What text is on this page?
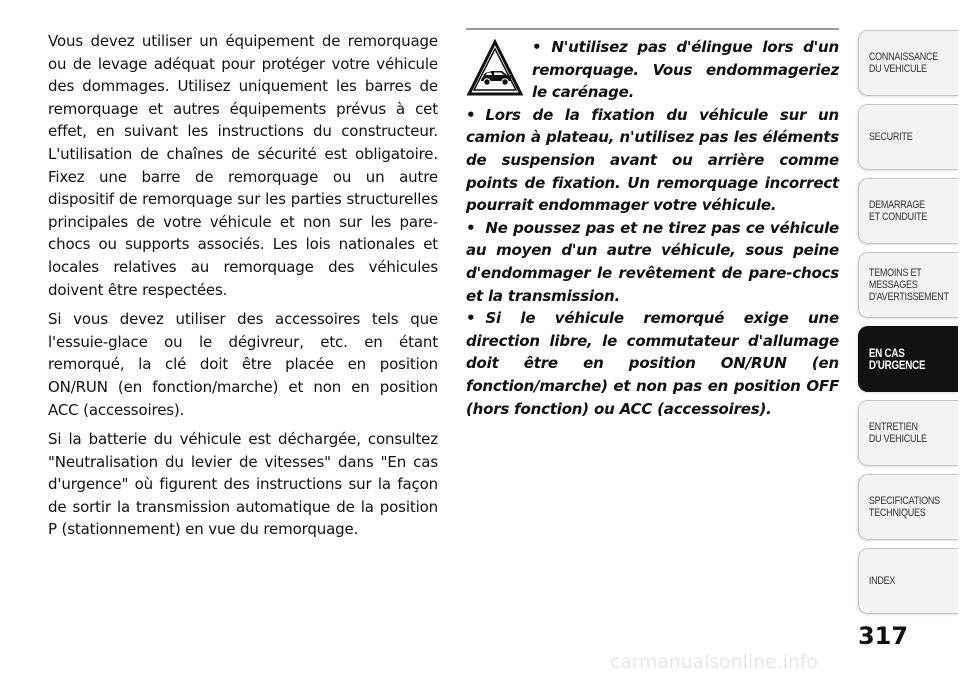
Vous devez utiliser un équipement de remorquage ou de levage adéquat pour protéger votre véhicule des dommages. Utilisez uniquement les barres de remorquage et autres équipements prévus à cet effet, en suivant les instructions du constructeur. L'utilisation de chaînes de sécurité est obligatoire. Fixez une barre de remorquage ou un autre dispositif de remorquage sur les parties structurelles principales de votre véhicule et non sur les pare-chocs ou supports associés. Les lois nationales et locales relatives au remorquage des véhicules doivent être respectées.

Si vous devez utiliser des accessoires tels que l'essuie-glace ou le dégivreur, etc. en étant remorqué, la clé doit être placée en position ON/RUN (en fonction/marche) et non en position ACC (accessoires).

Si la batterie du véhicule est déchargée, consultez "Neutralisation du levier de vitesses" dans "En cas d'urgence" où figurent des instructions sur la façon de sortir la transmission automatique de la position P (stationnement) en vue du remorquage.

• N'utilisez pas d'élingue lors d'un remorquage. Vous endommageriez le carénage.

• Lors de la fixation du véhicule sur un camion à plateau, n'utilisez pas les éléments de suspension avant ou arrière comme points de fixation. Un remorquage incorrect pourrait endommager votre véhicule.

• Ne poussez pas et ne tirez pas ce véhicule au moyen d'un autre véhicule, sous peine d'endommager le revêtement de pare-chocs et la transmission.

• Si le véhicule remorqué exige une direction libre, le commutateur d'allumage doit être en position ON/RUN (en fonction/marche) et non pas en position OFF (hors fonction) ou ACC (accessoires).

CONNAISSANCE
DU VEHICULE
SECURITE
DEMARRAGE
ET CONDUITE
TEMOINS ET
MESSAGES
D'AVERTISSEMENT
EN CAS
D'URGENCE
ENTRETIEN
DU VEHICULE
SPECIFICATIONS
TECHNIQUES
INDEX
317
carmanualsonline.info
